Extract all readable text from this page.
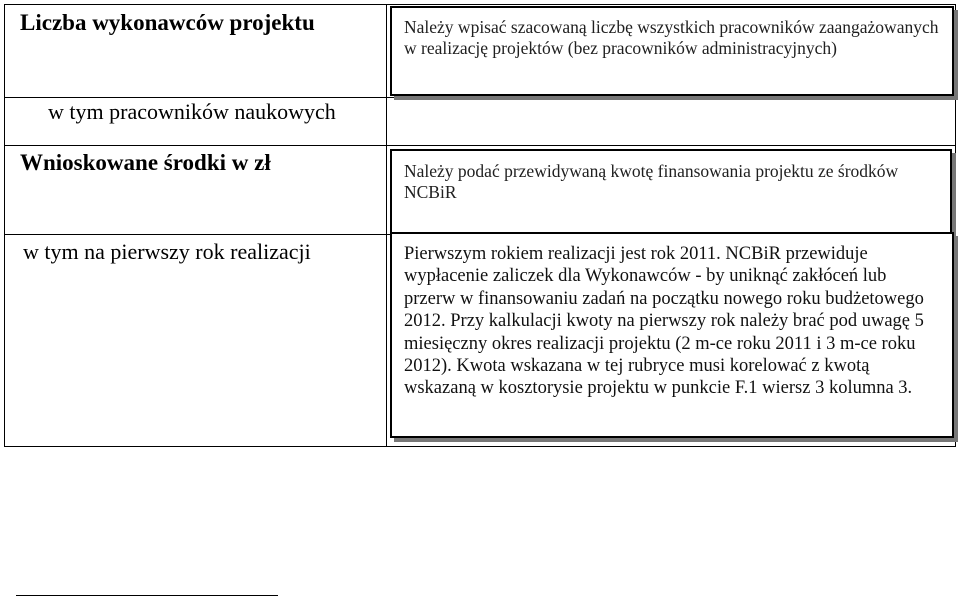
Liczba wykonawców projektu
w tym pracowników naukowych
Wnioskowane środki w zł
w tym na pierwszy rok realizacji
Należy wpisać szacowaną liczbę wszystkich pracowników zaangażowanych w realizację projektów (bez pracowników administracyjnych)
Należy podać przewidywaną kwotę finansowania projektu ze środków NCBiR
Pierwszym rokiem realizacji jest rok 2011. NCBiR przewiduje wypłacenie zaliczek dla Wykonawców - by uniknąć zakłóceń lub przerw w finansowaniu zadań na początku nowego roku budżetowego 2012. Przy kalkulacji kwoty na pierwszy rok należy brać pod uwagę 5 miesięczny okres realizacji projektu (2 m-ce roku 2011 i 3 m-ce roku 2012). Kwota wskazana w tej rubryce musi korelować z kwotą wskazaną w kosztorysie projektu w punkcie F.1 wiersz 3 kolumna 3.
